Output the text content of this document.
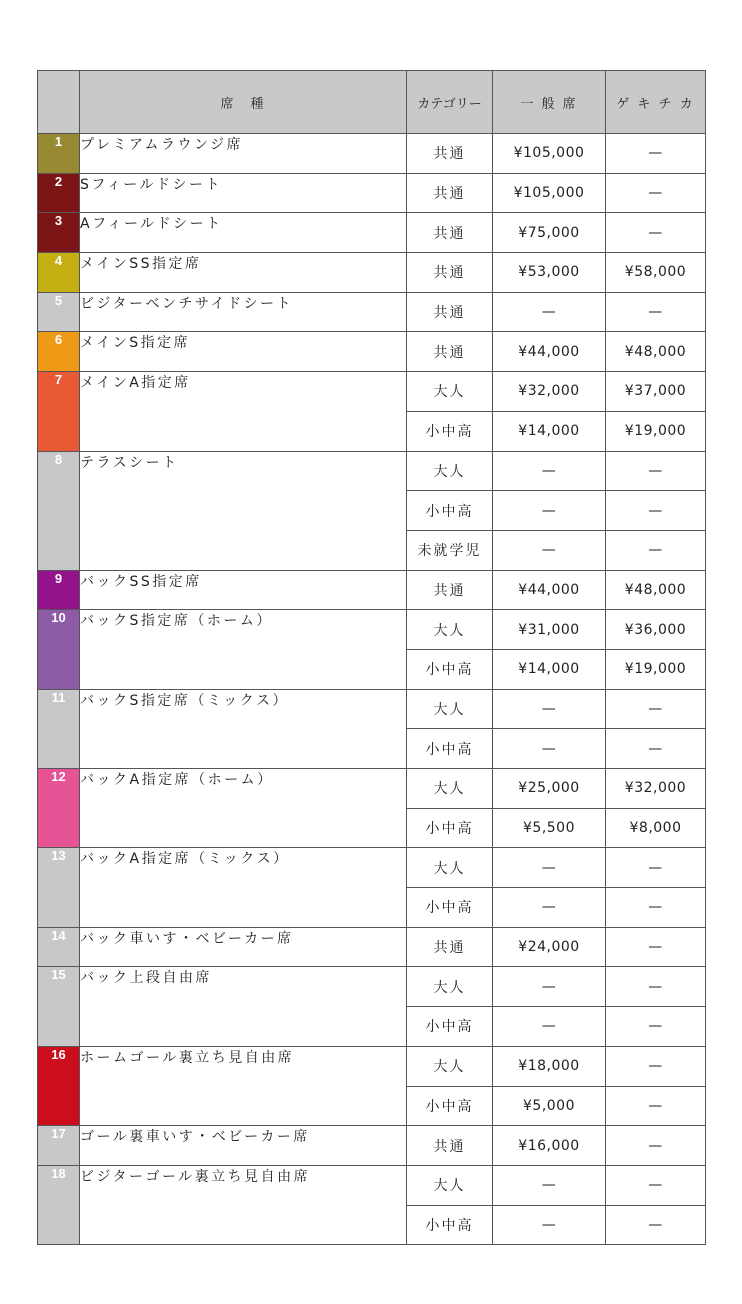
	席　種	カテゴリー	一 般 席	ゲ キ チ カ
1	プレミアムラウンジ席	共通	¥105,000	—
2	Sフィールドシート	共通	¥105,000	—
3	Aフィールドシート	共通	¥75,000	—
4	メインSS指定席	共通	¥53,000	¥58,000
5	ビジターベンチサイドシート	共通	—	—
6	メインS指定席	共通	¥44,000	¥48,000
7	メインA指定席	大人	¥32,000	¥37,000
		小中高	¥14,000	¥19,000
8	テラスシート	大人	—	—
		小中高	—	—
		未就学児	—	—
9	バックSS指定席	共通	¥44,000	¥48,000
10	バックS指定席（ホーム）	大人	¥31,000	¥36,000
		小中高	¥14,000	¥19,000
11	バックS指定席（ミックス）	大人	—	—
		小中高	—	—
12	バックA指定席（ホーム）	大人	¥25,000	¥32,000
		小中高	¥5,500	¥8,000
13	バックA指定席（ミックス）	大人	—	—
		小中高	—	—
14	バック車いす・ベビーカー席	共通	¥24,000	—
15	バック上段自由席	大人	—	—
		小中高	—	—
16	ホームゴール裏立ち見自由席	大人	¥18,000	—
		小中高	¥5,000	—
17	ゴール裏車いす・ベビーカー席	共通	¥16,000	—
18	ビジターゴール裏立ち見自由席	大人	—	—
		小中高	—	—
